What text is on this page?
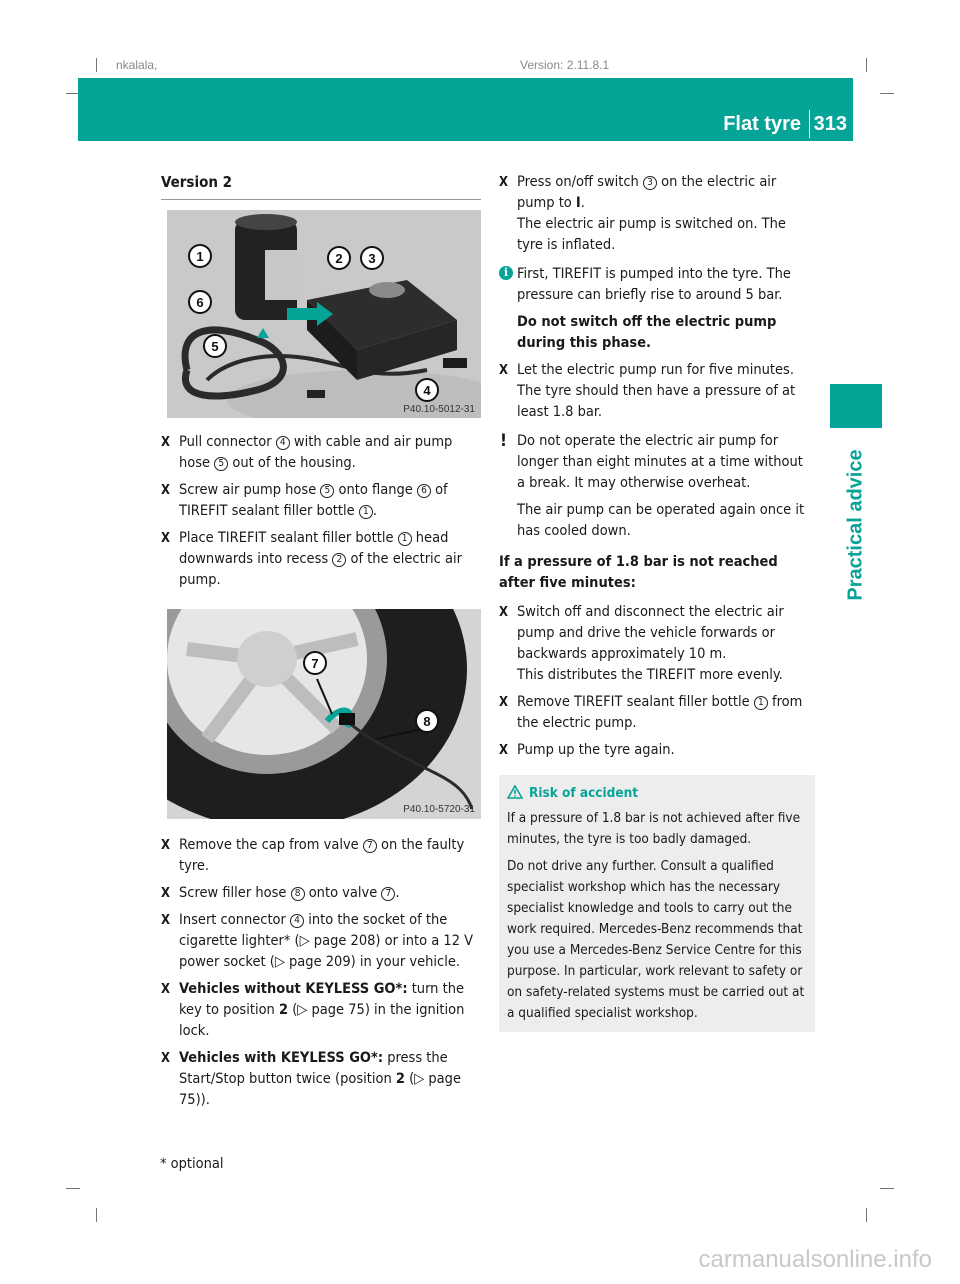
nkalala,	Version: 2.11.8.1
Flat tyre 313
Practical advice
Version 2
1
6
5
2 3
4
P40.10-5012-31
X Pull connector 4 with cable and air pump hose 5 out of the housing.
X Screw air pump hose 5 onto flange 6 of TIREFIT sealant filler bottle 1 .
X Place TIREFIT sealant filler bottle 1 head downwards into recess 2 of the electric air pump.
7
8
P40.10-5720-31
X Remove the cap from valve 7 on the faulty tyre.
X Screw filler hose 8 onto valve 7 .
X Insert connector 4 into the socket of the cigarette lighter* (▷ page 208) or into a 12 V power socket (▷ page 209) in your vehicle.
X Vehicles without KEYLESS GO*: turn the key to position 2 (▷ page 75) in the ignition lock.
X Vehicles with KEYLESS GO*: press the Start/Stop button twice (position 2 (▷ page 75)).
X Press on/off switch 3 on the electric air pump to I.
The electric air pump is switched on. The tyre is inflated.
i First, TIREFIT is pumped into the tyre. The pressure can briefly rise to around 5 bar.
Do not switch off the electric pump during this phase.
X Let the electric pump run for five minutes.
The tyre should then have a pressure of at least 1.8 bar.
! Do not operate the electric air pump for longer than eight minutes at a time without a break. It may otherwise overheat.
The air pump can be operated again once it has cooled down.
If a pressure of 1.8 bar is not reached after five minutes:
X Switch off and disconnect the electric air pump and drive the vehicle forwards or backwards approximately 10 m.
This distributes the TIREFIT more evenly.
X Remove TIREFIT sealant filler bottle 1 from the electric pump.
X Pump up the tyre again.
Risk of accident

If a pressure of 1.8 bar is not achieved after five minutes, the tyre is too badly damaged.

Do not drive any further. Consult a qualified specialist workshop which has the necessary specialist knowledge and tools to carry out the work required. Mercedes-Benz recommends that you use a Mercedes-Benz Service Centre for this purpose. In particular, work relevant to safety or on safety-related systems must be carried out at a qualified specialist workshop.

* optional
carmanualsonline.info
